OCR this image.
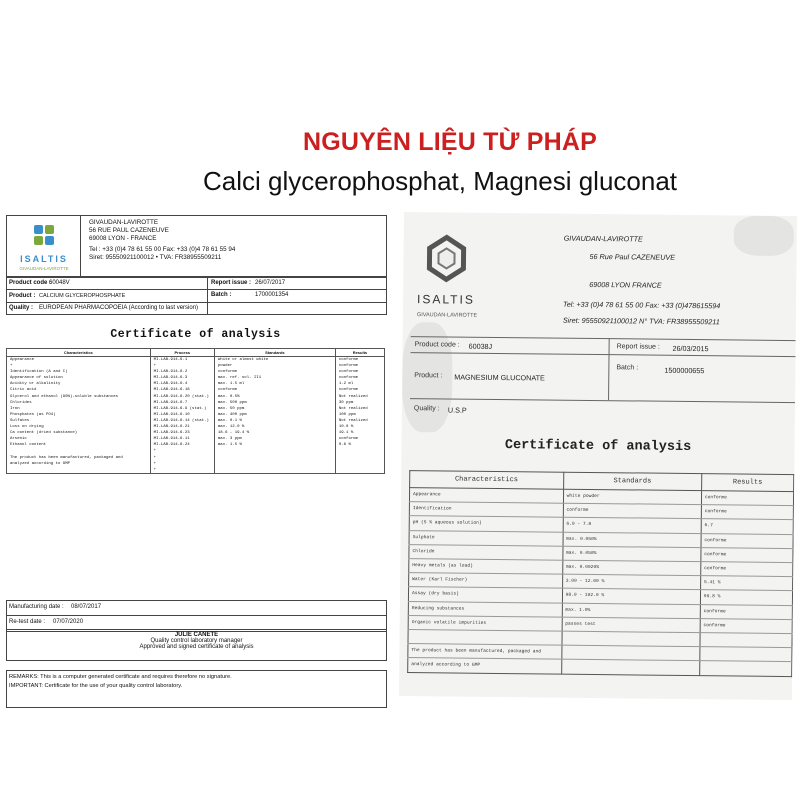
NGUYÊN LIỆU TỪ PHÁP
Calci glycerophosphat, Magnesi gluconat
ISALTIS
GIVAUDAN-LAVIROTTE
GIVAUDAN-LAVIROTTE
56 RUE PAUL CAZENEUVE
69008 LYON - FRANCE
Tel : +33 (0)4 78 61 55 00 Fax: +33 (0)4 78 61 55 94
Siret: 95550921100012 • TVA: FR38955509211
Product code :
60048V	Report issue : 26/07/2017
Product : CALCIUM GLYCEROPHOSPHATE	Batch :	1700001354
Quality : EUROPEAN PHARMACOPOEIA (According to last version)
Certificate of analysis
Characteristics	Process	Standards	Results
Appearance	MI-LAB-914-6.1	white or almost white	conforme
+	+	powder	conforme
Identification (A and C)	MI-LAB-914-6.2	conforme	conforme
Appearance of solution	MI-LAB-914-6.3	max. ref. sol. II1	conforme
Acidity or alkalinity	MI-LAB-914-6.4	max. 1.5 ml	1.2 ml
Citric acid	MI-LAB-914-6.18	conforme	conforme
Glycerol and ethanol (96%)-soluble substances	MI-LAB-914-6.20 (stat.)	max. 0.5%	Not realized
Chlorides	MI-LAB-914-6.7	max. 500 ppm	30 ppm
Iron	MI-LAB-914-6.9 (stat.)	max. 50 ppm	Not realized
Phosphates (as PO4)	MI-LAB-914-6.10	max. 400 ppm	100 ppm
Sulfates	MI-LAB-914-6.14 (stat.)	max. 0.1 %	Not realized
Loss on drying	MI-LAB-914-6.21	max. 12.0 %	10.0 %
Ca content (dried substance)	MI-LAB-914-6.23	18.6 - 19.4 %	19.1 %
Arsenic	MI-LAB-914-6.11	max. 3 ppm	conforme
Ethanol content	MI-LAB-914-6.24	max. 1.5 %	0.8 %
	+		
The product has been manufactured, packaged and	+		
analyzed according to GMP	+		
	+		
Manufacturing date : 08/07/2017
Re-test date : 07/07/2020
JULIE CANETE
Quality control laboratory manager
Approved and signed certificate of analysis
REMARKS: This is a computer generated certificate and requires therefore no signature.
IMPORTANT: Certificate for the use of your quality control laboratory.
ISALTIS
GIVAUDAN-LAVIROTTE
GIVAUDAN-LAVIROTTE
56 Rue Paul CAZENEUVE
69008 LYON FRANCE
Tel: +33 (0)4 78 61 55 00 Fax: +33 (0)478615594
Siret: 95550921100012 N° TVA: FR38955509211
Product code : 60038J	Report issue : 26/03/2015
Product : MAGNESIUM GLUCONATE
Batch :	1500000655
Quality : U.S.P
Certificate of analysis
Characteristics	Standards	Results
Appearance	white powder	conforme
Identification	conforme	conforme
pH (5 % aqueous solution)	6.0 - 7.8	6.7
Sulphate	max. 0.050%	conforme
Chloride	max. 0.050%	conforme
Heavy metals (as lead)	max. 0.0020%	conforme
Water (Karl Fischer)	3.00 - 12.00 %	5.41 %
Assay (dry basis)	98.0 - 102.0 %	99.8 %
Reducing substances	max. 1.0%	conforme
Organic volatile impurities	passes test	conforme

The product has been manufactured, packaged and		
analyzed according to GMP		
